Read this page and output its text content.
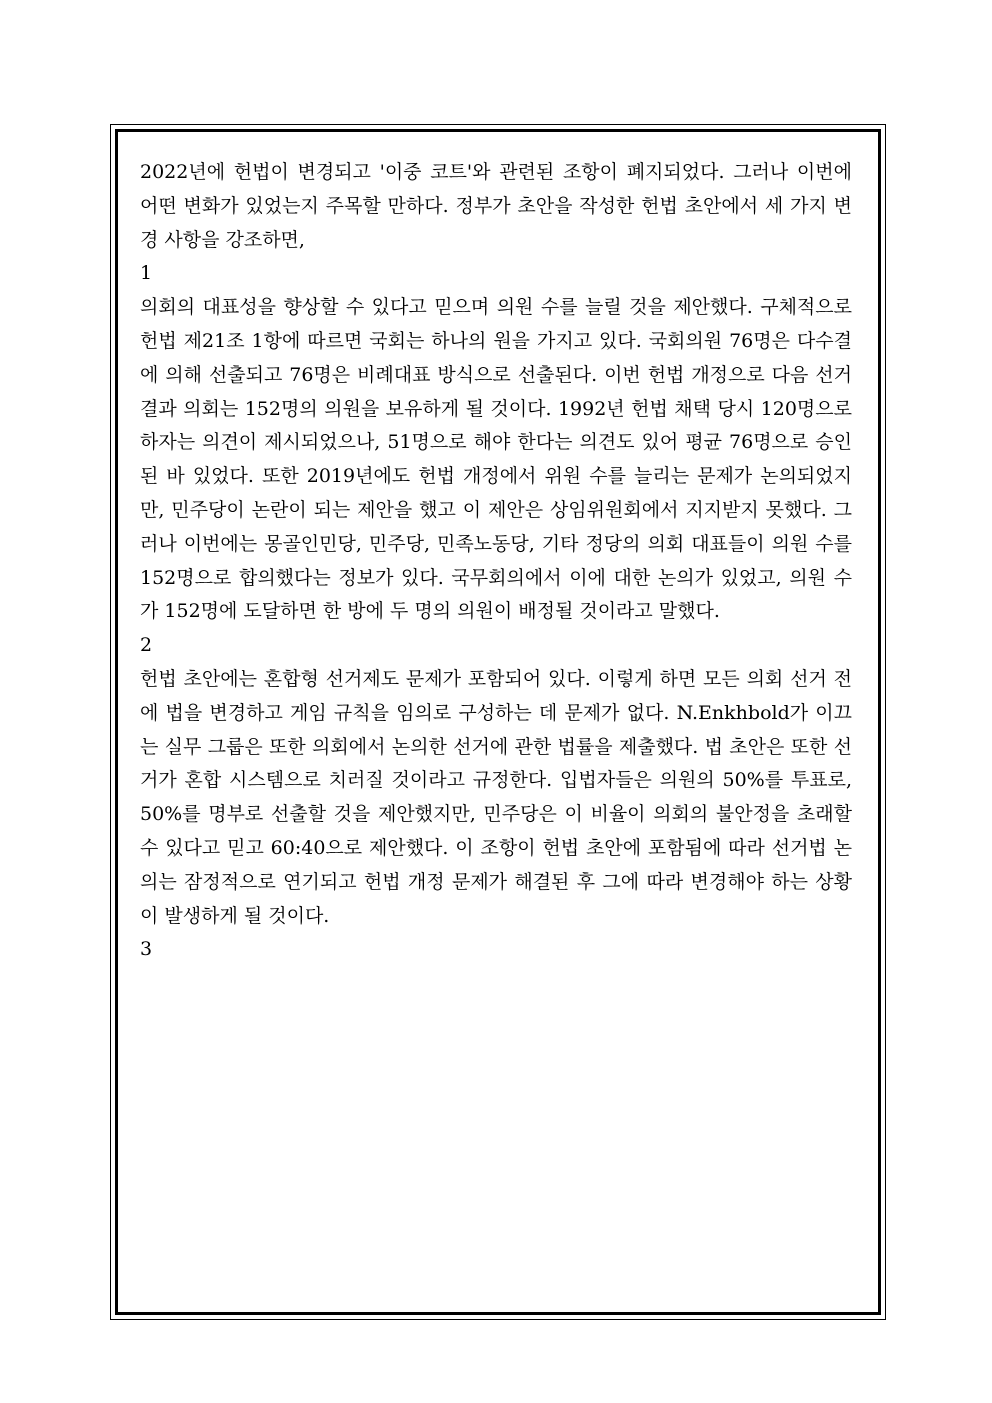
2022년에 헌법이 변경되고 '이중 코트'와 관련된 조항이 폐지되었다. 그러나 이번에 어떤 변화가 있었는지 주목할 만하다. 정부가 초안을 작성한 헌법 초안에서 세 가지 변경 사항을 강조하면,

1

의회의 대표성을 향상할 수 있다고 믿으며 의원 수를 늘릴 것을 제안했다. 구체적으로 헌법 제21조 1항에 따르면 국회는 하나의 원을 가지고 있다. 국회의원 76명은 다수결에 의해 선출되고 76명은 비례대표 방식으로 선출된다. 이번 헌법 개정으로 다음 선거 결과 의회는 152명의 의원을 보유하게 될 것이다. 1992년 헌법 채택 당시 120명으로 하자는 의견이 제시되었으나, 51명으로 해야 한다는 의견도 있어 평균 76명으로 승인된 바 있었다. 또한 2019년에도 헌법 개정에서 위원 수를 늘리는 문제가 논의되었지만, 민주당이 논란이 되는 제안을 했고 이 제안은 상임위원회에서 지지받지 못했다. 그러나 이번에는 몽골인민당, 민주당, 민족노동당, 기타 정당의 의회 대표들이 의원 수를 152명으로 합의했다는 정보가 있다. 국무회의에서 이에 대한 논의가 있었고, 의원 수가 152명에 도달하면 한 방에 두 명의 의원이 배정될 것이라고 말했다.

2

헌법 초안에는 혼합형 선거제도 문제가 포함되어 있다. 이렇게 하면 모든 의회 선거 전에 법을 변경하고 게임 규칙을 임의로 구성하는 데 문제가 없다. N.Enkhbold가 이끄는 실무 그룹은 또한 의회에서 논의한 선거에 관한 법률을 제출했다. 법 초안은 또한 선거가 혼합 시스템으로 치러질 것이라고 규정한다. 입법자들은 의원의 50%를 투표로, 50%를 명부로 선출할 것을 제안했지만, 민주당은 이 비율이 의회의 불안정을 초래할 수 있다고 믿고 60:40으로 제안했다. 이 조항이 헌법 초안에 포함됨에 따라 선거법 논의는 잠정적으로 연기되고 헌법 개정 문제가 해결된 후 그에 따라 변경해야 하는 상황이 발생하게 될 것이다.

3
